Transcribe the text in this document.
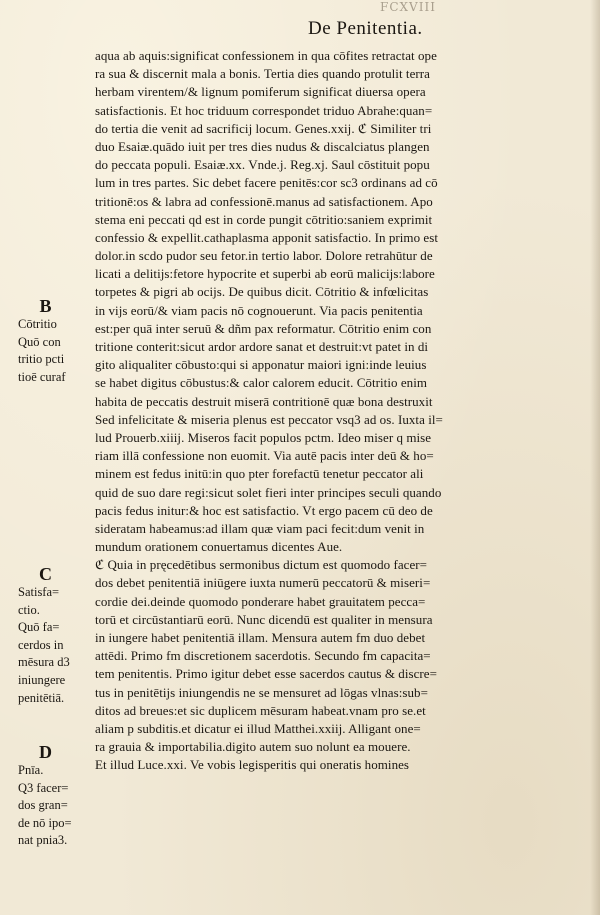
FCXVIII
De Penitentia.
aqua ab aquis:significat confessionem in qua cōfites retractat ope
ra sua & discernit mala a bonis. Tertia dies quando protulit terra
herbam virentem/& lignum pomiferum significat diuersa opera
satisfactionis. Et hoc triduum correspondet triduo Abrahe:quan=
do tertia die venit ad sacrificij locum. Genes.xxij. ℭ Similiter tri
duo Esaiæ.quādo iuit per tres dies nudus & discalciatus plangen
do peccata populi. Esaiæ.xx. Vnde.j. Reg.xj. Saul cōstituit popu
lum in tres partes. Sic debet facere penitēs:cor sc3 ordinans ad cō
tritionē:os & labra ad confessionē.manus ad satisfactionem. Apo
stema eni peccati qd est in corde pungit cōtritio:saniem exprimit
confessio & expellit.cathaplasma apponit satisfactio. In primo est
dolor.in scdo pudor seu fetor.in tertio labor. Dolore retrahūtur de
licati a delitijs:fetore hypocrite et superbi ab eorū malicijs:labore
torpetes & pigri ab ocijs. De quibus dicit. Cōtritio & infœlicitas
in vijs eorū/& viam pacis nō cognouerunt. Via pacis penitentia
est:per quā inter seruū & dñm pax reformatur. Cōtritio enim con
tritione conterit:sicut ardor ardore sanat et destruit:vt patet in di
gito aliqualiter cōbusto:qui si apponatur maiori igni:inde leuius
se habet digitus cōbustus:& calor calorem educit. Cōtritio enim
habita de peccatis destruit miserā contritionē quæ bona destruxit
Sed infelicitate & miseria plenus est peccator vsq3 ad os. Iuxta il=
lud Prouerb.xiiij. Miseros facit populos pctm. Ideo miser q mise
riam illā confessione non euomit. Via autē pacis inter deū & ho=
minem est fedus initū:in quo pter forefactū tenetur peccator ali
quid de suo dare regi:sicut solet fieri inter principes seculi quando
pacis fedus initur:& hoc est satisfactio. Vt ergo pacem cū deo de
sideratam habeamus:ad illam quæ viam paci fecit:dum venit in
mundum orationem conuertamus dicentes Aue.
ℭ Quia in pręcedētibus sermonibus dictum est quomodo facer=
dos debet penitentiā iniūgere iuxta numerū peccatorū & miseri=
cordie dei.deinde quomodo ponderare habet grauitatem pecca=
torū et circūstantiarū eorū. Nunc dicendū est qualiter in mensura
in iungere habet penitentiā illam. Mensura autem fm duo debet
attēdi. Primo fm discretionem sacerdotis. Secundo fm capacita=
tem penitentis. Primo igitur debet esse sacerdos cautus & discre=
tus in penitētijs iniungendis ne se mensuret ad lōgas vlnas:sub=
ditos ad breues:et sic duplicem mēsuram habeat.vnam pro se.et
aliam p subditis.et dicatur ei illud Matthei.xxiij. Alligant one=
ra grauia & importabilia.digito autem suo nolunt ea mouere.
Et illud Luce.xxi. Ve vobis legisperitis qui oneratis homines
B
Cōtritio
Quō con
tritio pcti
tioē curaf
C
Satisfa=
ctio.
Quō fa=
cerdos in
mēsura d3
iniungere
penitētiā.
D
Pnīa.
Q3 facer=
dos gran=
de nō ipo=
nat pnia3.
